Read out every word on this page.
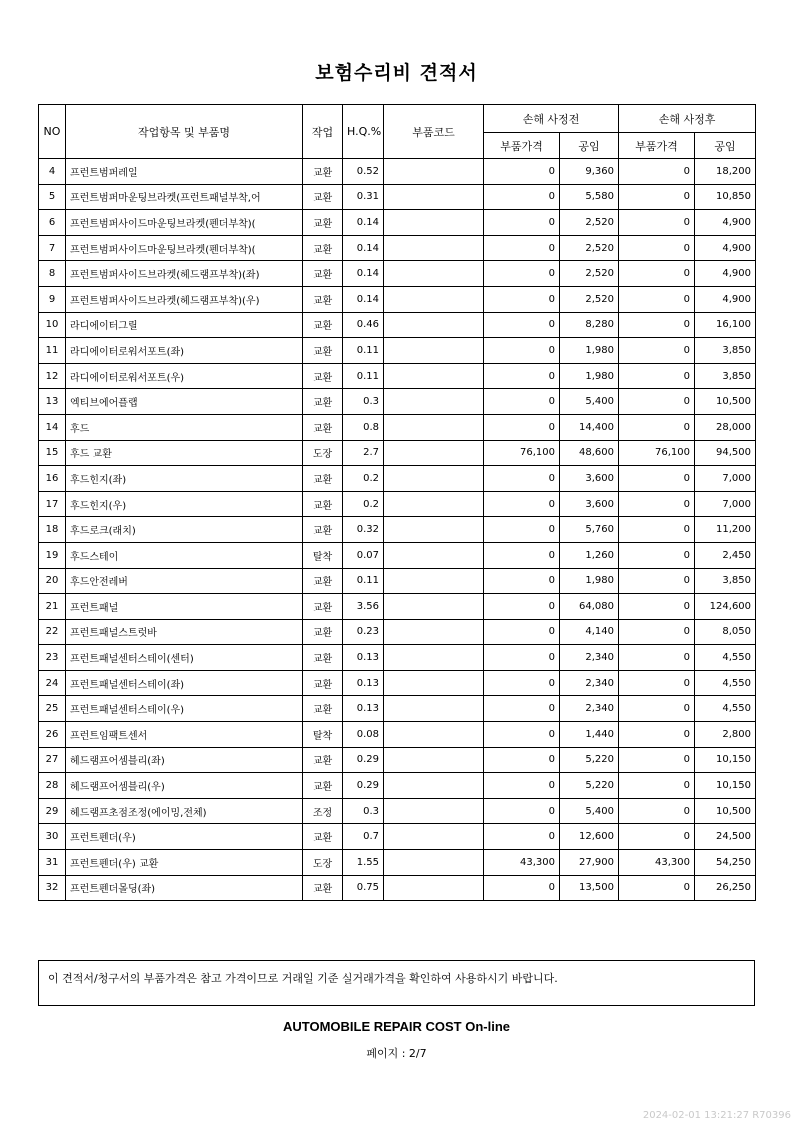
보험수리비 견적서
NO	작업항목 및 부품명	작업	H.Q.%	부품코드	손해 사정전		손해 사정후	
					부품가격	공임	부품가격	공임
4	프런트범퍼레일	교환	0.52		0	9,360	0	18,200
5	프런트범퍼마운팅브라켓(프런트패널부착,어	교환	0.31		0	5,580	0	10,850
6	프런트범퍼사이드마운팅브라켓(펜더부착)(	교환	0.14		0	2,520	0	4,900
7	프런트범퍼사이드마운팅브라켓(펜더부착)(	교환	0.14		0	2,520	0	4,900
8	프런트범퍼사이드브라켓(헤드램프부착)(좌)	교환	0.14		0	2,520	0	4,900
9	프런트범퍼사이드브라켓(헤드램프부착)(우)	교환	0.14		0	2,520	0	4,900
10	라디에이터그릴	교환	0.46		0	8,280	0	16,100
11	라디에이터로워서포트(좌)	교환	0.11		0	1,980	0	3,850
12	라디에이터로워서포트(우)	교환	0.11		0	1,980	0	3,850
13	엑티브에어플랩	교환	0.3		0	5,400	0	10,500
14	후드	교환	0.8		0	14,400	0	28,000
15	후드 교환	도장	2.7		76,100	48,600	76,100	94,500
16	후드힌지(좌)	교환	0.2		0	3,600	0	7,000
17	후드힌지(우)	교환	0.2		0	3,600	0	7,000
18	후드로크(래치)	교환	0.32		0	5,760	0	11,200
19	후드스테이	탈착	0.07		0	1,260	0	2,450
20	후드안전레버	교환	0.11		0	1,980	0	3,850
21	프런트패널	교환	3.56		0	64,080	0	124,600
22	프런트패널스트럿바	교환	0.23		0	4,140	0	8,050
23	프런트패널센터스테이(센터)	교환	0.13		0	2,340	0	4,550
24	프런트패널센터스테이(좌)	교환	0.13		0	2,340	0	4,550
25	프런트패널센터스테이(우)	교환	0.13		0	2,340	0	4,550
26	프런트임팩트센서	탈착	0.08		0	1,440	0	2,800
27	헤드램프어셈블리(좌)	교환	0.29		0	5,220	0	10,150
28	헤드램프어셈블리(우)	교환	0.29		0	5,220	0	10,150
29	헤드램프초점조정(에이밍,전체)	조정	0.3		0	5,400	0	10,500
30	프런트펜더(우)	교환	0.7		0	12,600	0	24,500
31	프런트펜더(우) 교환	도장	1.55		43,300	27,900	43,300	54,250
32	프런트펜더몰딩(좌)	교환	0.75		0	13,500	0	26,250
이 견적서/청구서의 부품가격은 참고 가격이므로 거래일 기준 실거래가격을 확인하여 사용하시기 바랍니다.
AUTOMOBILE REPAIR COST On-line
페이지 : 2/7
2024-02-01 13:21:27 R70396
